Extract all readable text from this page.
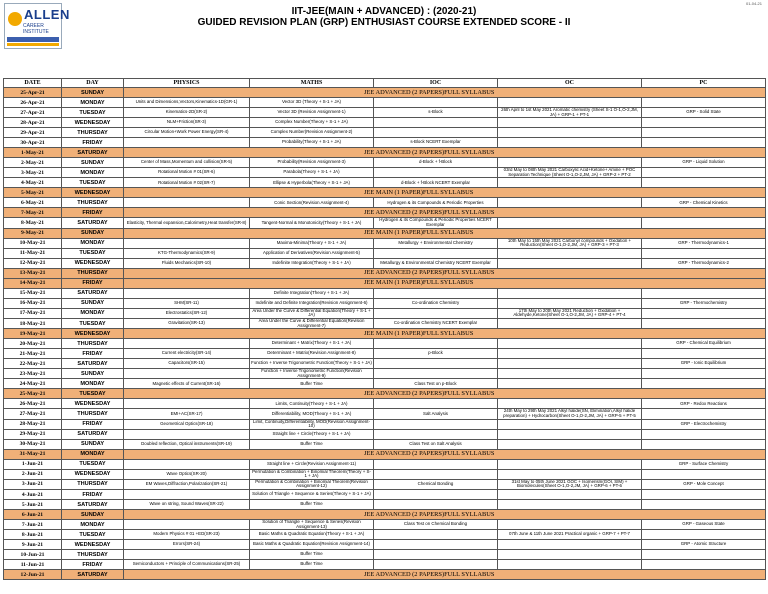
ALLEN
CAREER INSTITUTE
01-04-21
IIT-JEE(MAIN + ADVANCED) : (2020-21)
GUIDED REVISION PLAN (GRP) ENTHUSIAST COURSE EXTENDED SCORE - II
DATE	DAY	PHYSICS	MATHS	IOC	OC	PC
25-Apr-21	SUNDAY	JEE ADVANCED (2 PAPERS)FULL SYLLABUS				
26-Apr-21	MONDAY	Units and Dimensions,Vectors,Kinematics-1D(GR-1)	Vector 3D (Theory + S-1 + JA)			
27-Apr-21	TUESDAY	Kinematics-2D(SR-2)	Vector 3D (Revision Assignment-1)	s-Block	26th April to 1st May 2021 Aromatic chemistry (Sheet S-1 O-1,O-2,JM, JA) + GRP-1 + PT-1	GRP - Solid State
28-Apr-21	WEDNESDAY	NLM+Friction(SR-3)	Complex Number(Theory + S-1 + JA)			
29-Apr-21	THURSDAY	Circular Motion+Work Power Energy(SR-4)	Complex Number(Revision Assignment-2)			
30-Apr-21	FRIDAY		Probability(Theory + S-1 + JA)	s-Block NCERT Exemplar		
1-May-21	SATURDAY	JEE ADVANCED (2 PAPERS)FULL SYLLABUS				
2-May-21	SUNDAY	Center of Mass,Momentum and collision(SR-5)	Probability(Revision Assignment-3)	d-Block + f-Block		GRP - Liquid Solution
3-May-21	MONDAY	Rotational Motion # 01(SR-6)	Parabola(Theory + S-1 + JA)		03rd May to 08th May 2021 Carboxylic Acid+Ketone+ Amine + POC Separation Technique (Sheet O-1,O-2,JM, JA) + GRP-2 + PT-2	
4-May-21	TUESDAY	Rotational Motion # 02(SR-7)	Ellipse & Hyperbola(Theory + S-1 + JA)	d-Block + f-Block NCERT Exemplar		
5-May-21	WEDNESDAY	JEE MAIN (1 PAPER)FULL SYLLABUS				
6-May-21	THURSDAY		Conic Section(Revision Assignment-4)	Hydrogen & its Compounds & Periodic Properties		GRP - Chemical Kinetics
7-May-21	FRIDAY	JEE ADVANCED (2 PAPERS)FULL SYLLABUS				
8-May-21	SATURDAY	Elasticity, Thermal expansion,Calorimetry,Heat transfer(SR-8)	Tangent-Normal & Monotonicity(Theory + S-1 + JA)	Hydrogen & its Compounds & Periodic Properties NCERT Exemplar		
9-May-21	SUNDAY	JEE MAIN (1 PAPER)FULL SYLLABUS				
10-May-21	MONDAY		Maxima-Minima(Theory + S-1 + JA)	Metallurgy + Environmental Chemistry	10th May to 15th May 2021 Carbonyl compounds + Oxidation + Reduction(Sheet O-1,O-2,JM, JA) + GRP-3 + PT-3	GRP - Thermodynamics-1
11-May-21	TUESDAY	KTG-Thermodynamics(SR-9)	Application of Derivatives(Revision Assignment-5)			
12-May-21	WEDNESDAY	Fluids Mechanics(SR-10)	Indefinite Integration(Theory + S-1 + JA)	Metallurgy & Environmental Chemistry NCERT Exemplar		GRP - Thermodynamics-2
13-May-21	THURSDAY	JEE ADVANCED (2 PAPERS)FULL SYLLABUS				
14-May-21	FRIDAY	JEE MAIN (1 PAPER)FULL SYLLABUS				
15-May-21	SATURDAY		Definite Integration(Theory + S-1 + JA)			
16-May-21	SUNDAY	SHM(SR-11)	Indefinite and Definite Integration(Revision Assignment-6)	Co-ordination Chemistry		GRP - Thermochemistry
17-May-21	MONDAY	Electrostatics(SR-12)	Area Under the Curve & Differential Equation(Theory + S-1 + JA)		17th May to 20th May 2021 Reduction + Oxidation + Aldehyde,Ketone(Sheet O-1,O-2,JM, JA) + GRP-4 + PT-4	
18-May-21	TUESDAY	Gravitation(SR-13)	Area Under the Curve & Differential Equation(Revision Assignment-7)	Co-ordination Chemistry NCERT Exemplar		
19-May-21	WEDNESDAY	JEE MAIN (1 PAPER)FULL SYLLABUS				
20-May-21	THURSDAY		Determinant + Matrix(Theory + S-1 + JA)			GRP - Chemical Equilibrium
21-May-21	FRIDAY	Current electricity(SR-14)	Determinant + Matrix(Revision Assignment-8)	p-Block		
22-May-21	SATURDAY	Capacitors(SR-15)	Function + Inverse Trigonometric Function(Theory + S-1 + JA)			GRP - Ionic Equilibrium
23-May-21	SUNDAY		Function + Inverse Trigonometric Function(Revision Assignment-9)			
24-May-21	MONDAY	Magnetic effects of Current(SR-16)	Buffer Time	Class Test on p-Block		
25-May-21	TUESDAY	JEE ADVANCED (2 PAPERS)FULL SYLLABUS				
26-May-21	WEDNESDAY		Limits, Continuity(Theory + S-1 + JA)			GRP - Redox Reactions
27-May-21	THURSDAY	EMI+AC(SR-17)	Differentiability, MOD(Theory + S-1 + JA)	Salt Analysis	24th May to 29th May 2021 Alkyl halide(SN, Elimination,Alkyl halide preparation) + Hydrocarbon(Sheet O-1,O-2,JM, JA) + GRP-5 + PT-5	
28-May-21	FRIDAY	Geometrical Optics(SR-18)	Limit, Continuity,Differentiability, MOD(Revision Assignment-10)			GRP - Electrochemistry
29-May-21	SATURDAY		Straight line + Circle(Theory + S-1 + JA)			
30-May-21	SUNDAY	Doubled reflection, Optical instruments(SR-19)	Buffer Time	Class Test on Salt Analysis		
31-May-21	MONDAY	JEE ADVANCED (2 PAPERS)FULL SYLLABUS				
1-Jun-21	TUESDAY		Straight line + Circle(Revision Assignment-11)			GRP - Surface Chemistry
2-Jun-21	WEDNESDAY	Wave Optics(SR-20)	Permutation & Combination + Binomial Theorem(Theory + S-1 + JA)			
3-Jun-21	THURSDAY	EM Waves,Diffraction,Polarization(SR-21)	Permutation & Combination + Binomial Theorem(Revision Assignment-12)	Chemical Bonding	31st May to 05th June 2021 GOC + Isomerism(GOI, SIM) + Biomolecules(Sheet O-1,O-2,JM, JA) + GRP-6 + PT-6	GRP - Mole Concept
4-Jun-21	FRIDAY		Solution of Triangle + Sequence & Series(Theory + S-1 + JA)			
5-Jun-21	SATURDAY	Wave on string, Sound Waves(SR-22)	Buffer Time			
6-Jun-21	SUNDAY	JEE ADVANCED (2 PAPERS)FULL SYLLABUS				
7-Jun-21	MONDAY		Solution of Triangle + Sequence & Series(Revision Assignment-13)	Class Test on Chemical Bonding		GRP - Gaseous State
8-Jun-21	TUESDAY	Modern Physics # 01 +ED(SR-23)	Basic Maths & Quadratic Equation(Theory + S-1 + JA)		07th June & 11th June 2021 Practical organic + GRP-7 + PT-7	
9-Jun-21	WEDNESDAY	Errors(SR-24)	Basic Maths & Quadratic Equation(Revision Assignment-14)			GRP - Atomic Structure
10-Jun-21	THURSDAY		Buffer Time			
11-Jun-21	FRIDAY	Semiconductors + Principle of Communications(SR-25)	Buffer Time			
12-Jun-21	SATURDAY	JEE ADVANCED (2 PAPERS)FULL SYLLABUS				
